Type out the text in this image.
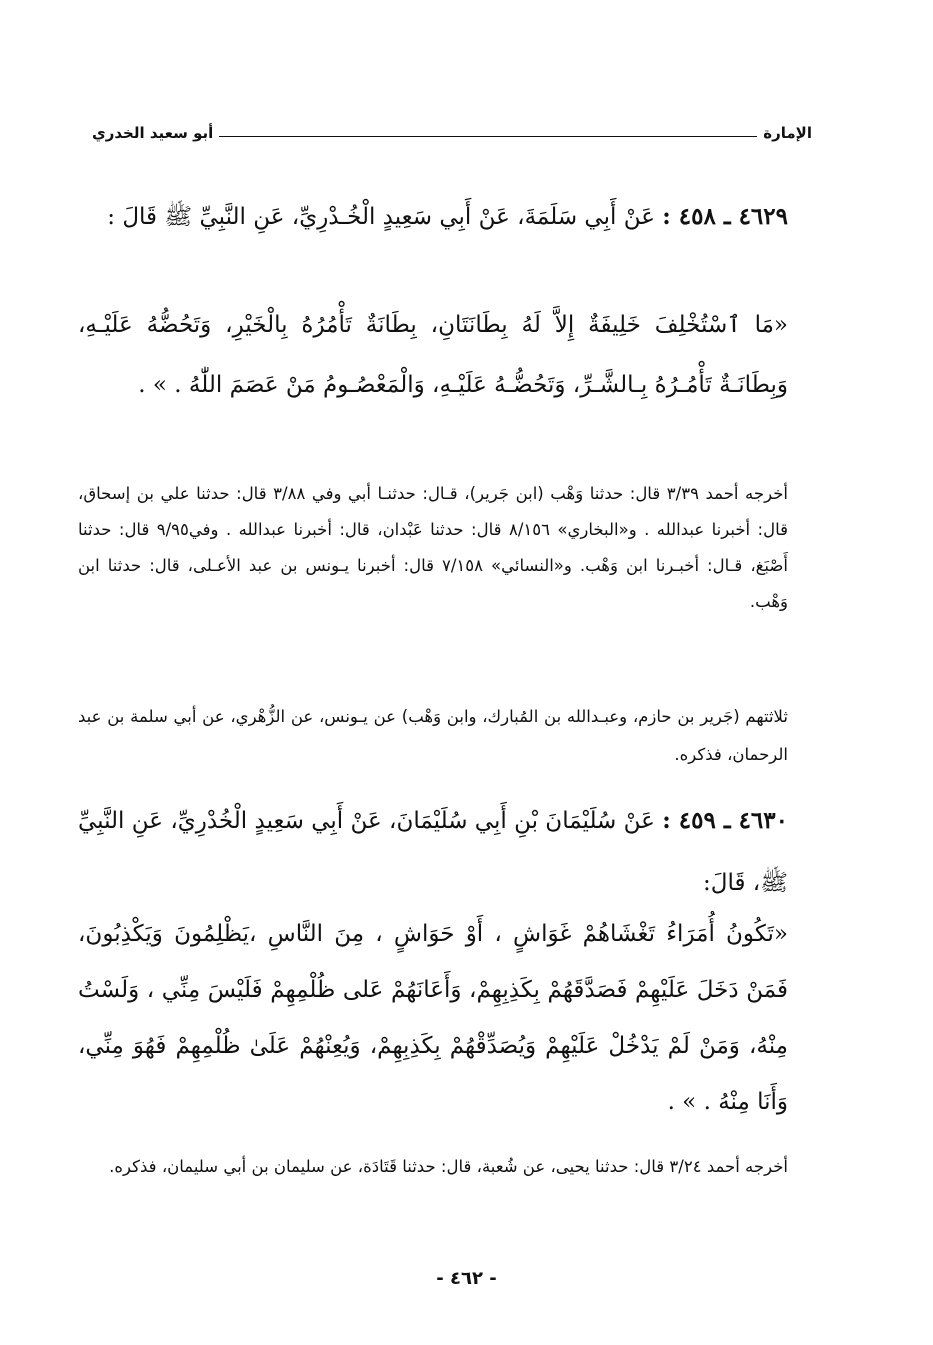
الإمارة
أبو سعيد الخدري
٤٦٢٩ ـ ٤٥٨ : عَنْ أَبِي سَلَمَةَ، عَنْ أَبِي سَعِيدٍ الْخُـدْرِيِّ، عَنِ النَّبِيِّ ﷺ قَالَ :
«مَا ٱسْتُخْلِفَ خَلِيفَةٌ إِلاَّ لَهُ بِطَانَتَانِ، بِطَانَةٌ تَأْمُرُهُ بِالْخَيْرِ، وَتَحُضُّهُ عَلَيْـهِ، وَبِطَانَـةٌ تَأْمُـرُهُ بِـالشَّـرِّ، وَتَحُضُّـهُ عَلَيْـهِ، وَالْمَعْصُـومُ مَنْ عَصَمَ اللّٰهُ . » .
أخرجه أحمد ٣/٣٩ قال: حدثنا وَهْب (ابن جَرير)، قـال: حدثنـا أبي وفي ٣/٨٨ قال: حدثنا علي بن إسحاق، قال: أخبرنا عبدالله . و«البخاري» ٨/١٥٦ قال: حدثنا عَبْدان، قال: أخبرنا عبدالله . وفي٩/٩٥ قال: حدثنا أَصْبَغ، قـال: أخبـرنا ابن وَهْب. و«النسائي» ٧/١٥٨ قال: أخبرنا يـونس بن عبد الأعـلى، قال: حدثنا ابن وَهْب.
ثلاثتهم (جَرير بن حازم، وعبـدالله بن المُبارك، وابن وَهْب) عن يـونس، عن الزُّهْري، عن أبي سلمة بن عبد الرحمان، فذكره.
٤٦٣٠ ـ ٤٥٩ : عَنْ سُلَيْمَانَ بْنِ أَبِي سُلَيْمَانَ، عَنْ أَبِي سَعِيدٍ الْخُدْرِيِّ، عَنِ النَّبِيِّ ﷺ، قَالَ:
«تَكُونُ أُمَرَاءُ تَغْشَاهُمْ غَوَاشٍ ، أَوْ حَوَاشٍ ، مِنَ النَّاسِ ،يَظْلِمُونَ وَيَكْذِبُونَ، فَمَنْ دَخَلَ عَلَيْهِمْ فَصَدَّقَهُمْ بِكَذِبِهِمْ، وَأَعَانَهُمْ عَلى ظُلْمِهِمْ فَلَيْسَ مِنِّي ، وَلَسْتُ مِنْهُ، وَمَنْ لَمْ يَدْخُلْ عَلَيْهِمْ وَيُصَدِّقْهُمْ بِكَذِبِهِمْ، وَيُعِنْهُمْ عَلَىٰ ظُلْمِهِمْ فَهُوَ مِنِّي، وَأَنَا مِنْهُ . » .
أخرجه أحمد ٣/٢٤ قال: حدثنا يحيى، عن شُعبة، قال: حدثنا قَتَادَة، عن سليمان بن أبي سليمان، فذكره.
- ٤٦٢ -
